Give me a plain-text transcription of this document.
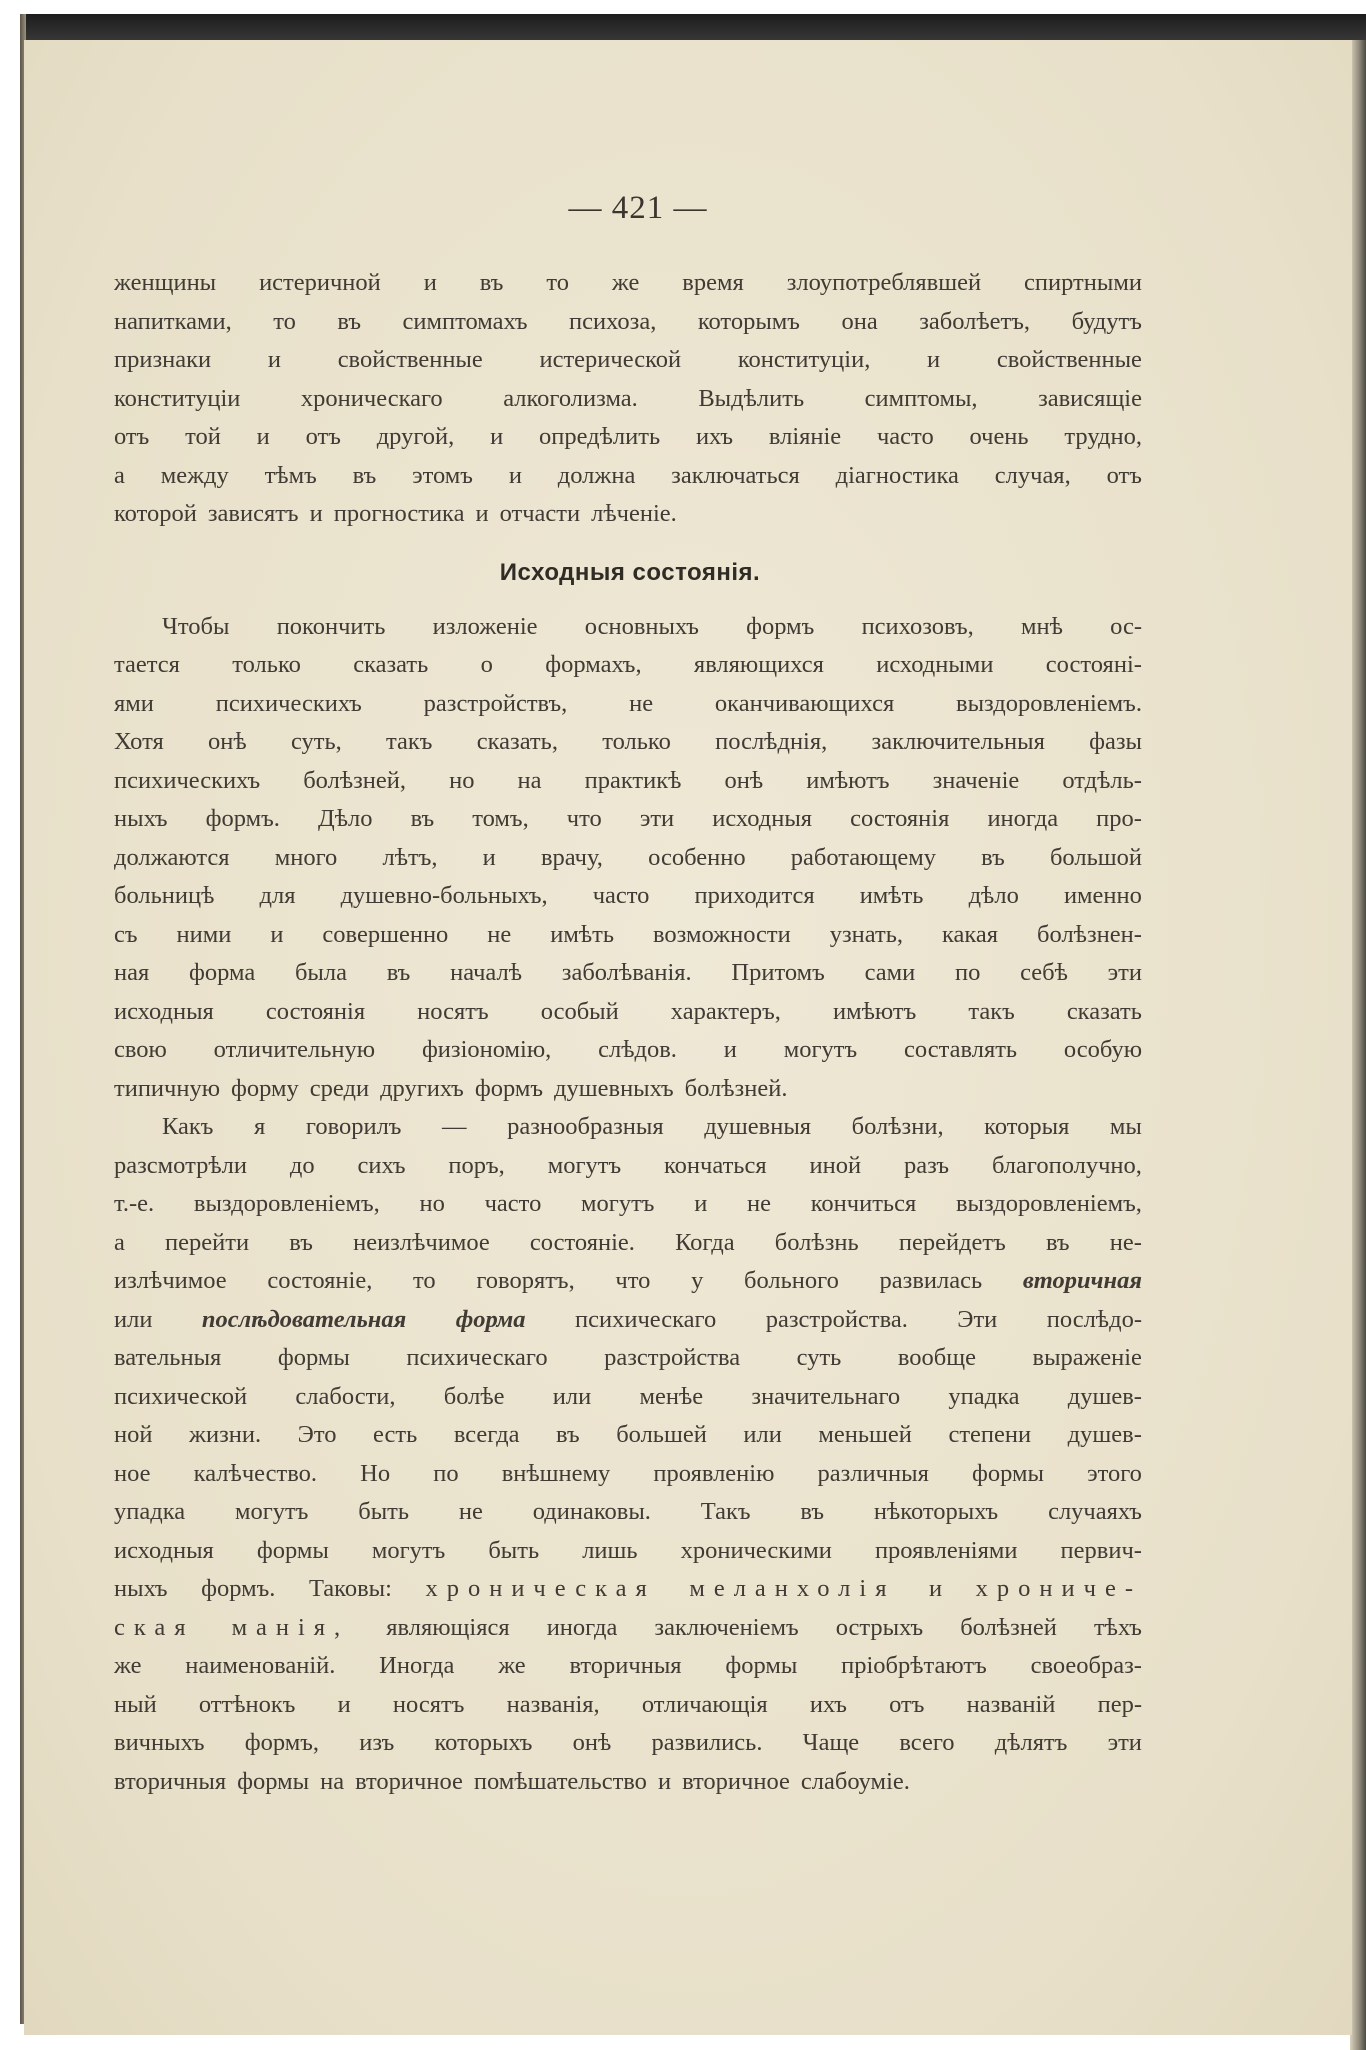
— 421 —
женщины истеричной и въ то же время злоупотреблявшей спиртными
напитками, то въ симптомахъ психоза, которымъ она заболѣетъ, будутъ
признаки и свойственные истерической конституціи, и свойственные
конституціи хроническаго алкоголизма. Выдѣлить симптомы, зависящіе
отъ той и отъ другой, и опредѣлить ихъ вліяніе часто очень трудно,
а между тѣмъ въ этомъ и должна заключаться діагностика случая, отъ
которой зависятъ и прогностика и отчасти лѣченіе.
Исходныя состоянія.
Чтобы покончить изложеніе основныхъ формъ психозовъ, мнѣ ос-
тается только сказать о формахъ, являющихся исходными состояні-
ями	психическихъ	разстройствъ,	не	оканчивающихся	выздоровленіемъ.
Хотя онѣ суть, такъ сказать, только послѣднія, заключительныя фазы
психическихъ болѣзней, но на практикѣ онѣ имѣютъ значеніе отдѣль-
ныхъ формъ. Дѣло въ томъ, что эти исходныя состоянія иногда про-
должаются много лѣтъ, и врачу, особенно работающему въ большой
больницѣ для душевно-больныхъ, часто приходится имѣть дѣло именно
съ ними и совершенно не имѣть возможности узнать, какая болѣзнен-
ная форма была въ началѣ заболѣванія. Притомъ сами по себѣ эти
исходныя состоянія носятъ особый характеръ, имѣютъ такъ сказать
свою отличительную физіономію, слѣдов. и могутъ составлять особую
типичную форму среди другихъ формъ душевныхъ болѣзней.
Какъ я говорилъ — разнообразныя душевныя болѣзни, которыя мы
разсмотрѣли до сихъ поръ, могутъ кончаться иной разъ благополучно,
т.-е. выздоровленіемъ, но часто могутъ и не кончиться выздоровленіемъ,
а перейти въ неизлѣчимое состояніе. Когда болѣзнь перейдетъ въ не-
излѣчимое состояніе, то говорятъ, что у больного развилась вторичная
или послѣдовательная форма психическаго разстройства. Эти послѣдо-
вательныя формы психическаго разстройства суть вообще выраженіе
психической слабости, болѣе или менѣе значительнаго упадка душев-
ной жизни. Это есть всегда въ большей или меньшей степени душев-
ное калѣчество. Но по внѣшнему проявленію различныя формы этого
упадка могутъ быть не одинаковы. Такъ въ нѣкоторыхъ случаяхъ
исходныя формы могутъ быть лишь хроническими проявленіями первич-
ныхъ формъ. Таковы: хроническая меланхолія и хрониче-
ская манія, являющіяся иногда заключеніемъ острыхъ болѣзней тѣхъ
же наименованій. Иногда же вторичныя формы пріобрѣтаютъ своеобраз-
ный оттѣнокъ и носятъ названія, отличающія ихъ отъ названій пер-
вичныхъ формъ, изъ которыхъ онѣ развились. Чаще всего дѣлятъ эти
вторичныя формы на вторичное помѣшательство и вторичное слабоуміе.
